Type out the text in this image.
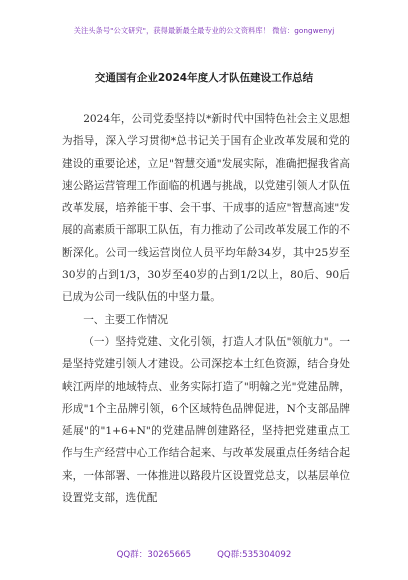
关注头条号"公文研究"，获得最新最全最专业的公文资料库！ 微信：gongwenyj
交通国有企业2024年度人才队伍建设工作总结

2024年，公司党委坚持以*新时代中国特色社会主义思想为指导，深入学习贯彻*总书记关于国有企业改革发展和党的建设的重要论述，立足"智慧交通"发展实际，准确把握我省高速公路运营管理工作面临的机遇与挑战，以党建引领人才队伍改革发展，培养能干事、会干事、干成事的适应"智慧高速"发展的高素质干部职工队伍，有力推动了公司改革发展工作的不断深化。公司一线运营岗位人员平均年龄34岁，其中25岁至30岁的占到1/3，30岁至40岁的占到1/2以上，80后、90后已成为公司一线队伍的中坚力量。

一、主要工作情况

（一）坚持党建、文化引领，打造人才队伍"领航力"。一是坚持党建引领人才建设。公司深挖本土红色资源，结合身处峡江两岸的地域特点、业务实际打造了"明翰之光"党建品牌，形成"1个主品牌引领，6个区域特色品牌促进，N个支部品牌延展"的"1+6+N"的党建品牌创建路径，坚持把党建重点工作与生产经营中心工作结合起来、与改革发展重点任务结合起来，一体部署、一体推进以路段片区设置党总支，以基层单位设置党支部，选优配

QQ群：30265665	QQ群:535304092
